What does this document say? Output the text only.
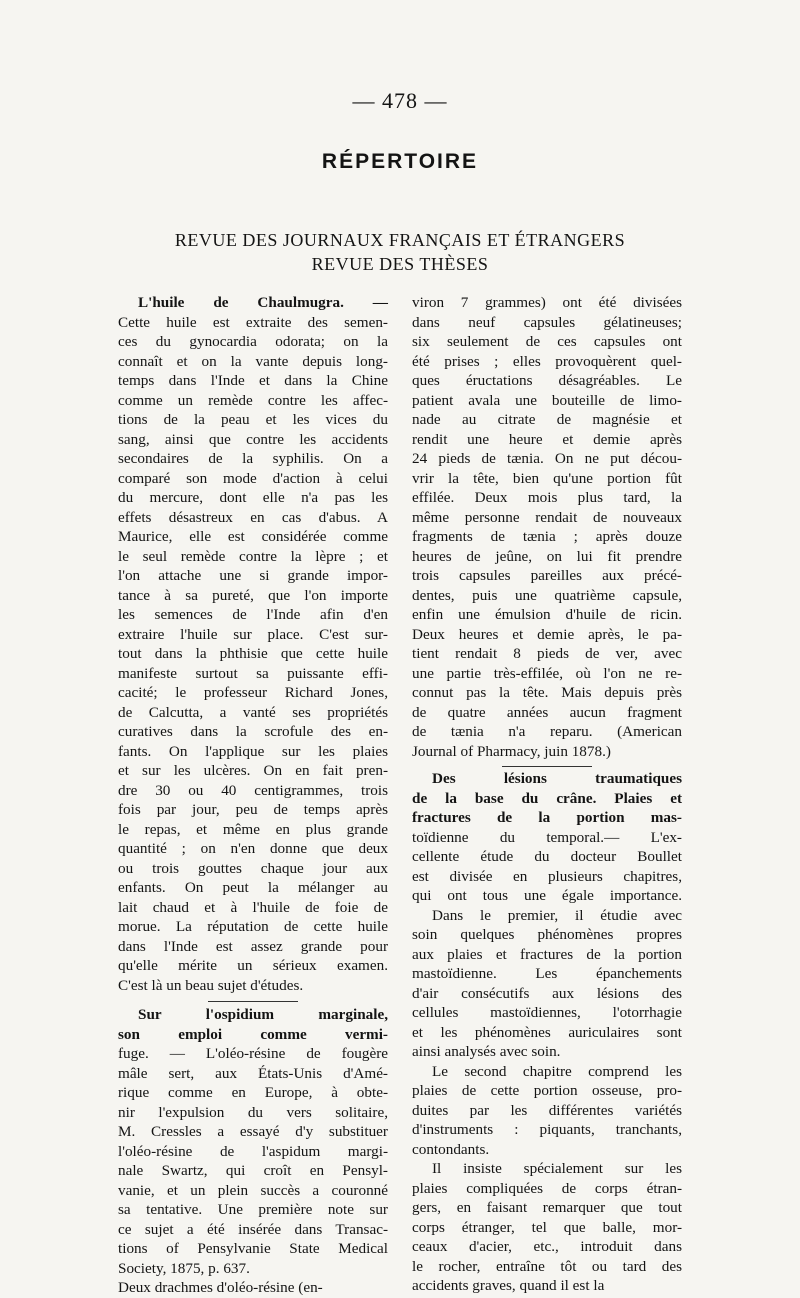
— 478 —
RÉPERTOIRE
REVUE DES JOURNAUX FRANÇAIS ET ÉTRANGERS
REVUE DES THÈSES
L'huile de Chaulmugra. —
Cette huile est extraite des semen-
ces du gynocardia odorata; on la
connaît et on la vante depuis long-
temps dans l'Inde et dans la Chine
comme un remède contre les affec-
tions de la peau et les vices du
sang, ainsi que contre les accidents
secondaires de la syphilis. On a
comparé son mode d'action à celui
du mercure, dont elle n'a pas les
effets désastreux en cas d'abus. A
Maurice, elle est considérée comme
le seul remède contre la lèpre ; et
l'on attache une si grande impor-
tance à sa pureté, que l'on importe
les semences de l'Inde afin d'en
extraire l'huile sur place. C'est sur-
tout dans la phthisie que cette huile
manifeste surtout sa puissante effi-
cacité; le professeur Richard Jones,
de Calcutta, a vanté ses propriétés
curatives dans la scrofule des en-
fants. On l'applique sur les plaies
et sur les ulcères. On en fait pren-
dre 30 ou 40 centigrammes, trois
fois par jour, peu de temps après
le repas, et même en plus grande
quantité ; on n'en donne que deux
ou trois gouttes chaque jour aux
enfants. On peut la mélanger au
lait chaud et à l'huile de foie de
morue. La réputation de cette huile
dans l'Inde est assez grande pour
qu'elle mérite un sérieux examen.
C'est là un beau sujet d'études.
Sur l'ospidium marginale,
son emploi comme vermi-
fuge. — L'oléo-résine de fougère
mâle sert, aux États-Unis d'Amé-
rique comme en Europe, à obte-
nir l'expulsion du vers solitaire,
M. Cressles a essayé d'y substituer
l'oléo-résine de l'aspidum margi-
nale Swartz, qui croît en Pensyl-
vanie, et un plein succès a couronné
sa tentative. Une première note sur
ce sujet a été insérée dans Transac-
tions of Pensylvanie State Medical
Society, 1875, p. 637.
Deux drachmes d'oléo-résine (en-
viron 7 grammes) ont été divisées
dans neuf capsules gélatineuses;
six seulement de ces capsules ont
été prises ; elles provoquèrent quel-
ques éructations désagréables. Le
patient avala une bouteille de limo-
nade au citrate de magnésie et
rendit une heure et demie après
24 pieds de tænia. On ne put décou-
vrir la tête, bien qu'une portion fût
effilée. Deux mois plus tard, la
même personne rendait de nouveaux
fragments de tænia ; après douze
heures de jeûne, on lui fit prendre
trois capsules pareilles aux précé-
dentes, puis une quatrième capsule,
enfin une émulsion d'huile de ricin.
Deux heures et demie après, le pa-
tient rendait 8 pieds de ver, avec
une partie très-effilée, où l'on ne re-
connut pas la tête. Mais depuis près
de quatre années aucun fragment
de tænia n'a reparu. (American
Journal of Pharmacy, juin 1878.)
Des lésions traumatiques
de la base du crâne. Plaies et
fractures de la portion mas-
toïdienne du temporal.— L'ex-
cellente étude du docteur Boullet
est divisée en plusieurs chapitres,
qui ont tous une égale importance.
Dans le premier, il étudie avec
soin quelques phénomènes propres
aux plaies et fractures de la portion
mastoïdienne. Les épanchements
d'air consécutifs aux lésions des
cellules mastoïdiennes, l'otorrhagie
et les phénomènes auriculaires sont
ainsi analysés avec soin.
Le second chapitre comprend les
plaies de cette portion osseuse, pro-
duites par les différentes variétés
d'instruments : piquants, tranchants,
contondants.
Il insiste spécialement sur les
plaies compliquées de corps étran-
gers, en faisant remarquer que tout
corps étranger, tel que balle, mor-
ceaux d'acier, etc., introduit dans
le rocher, entraîne tôt ou tard des
accidents graves, quand il est la
